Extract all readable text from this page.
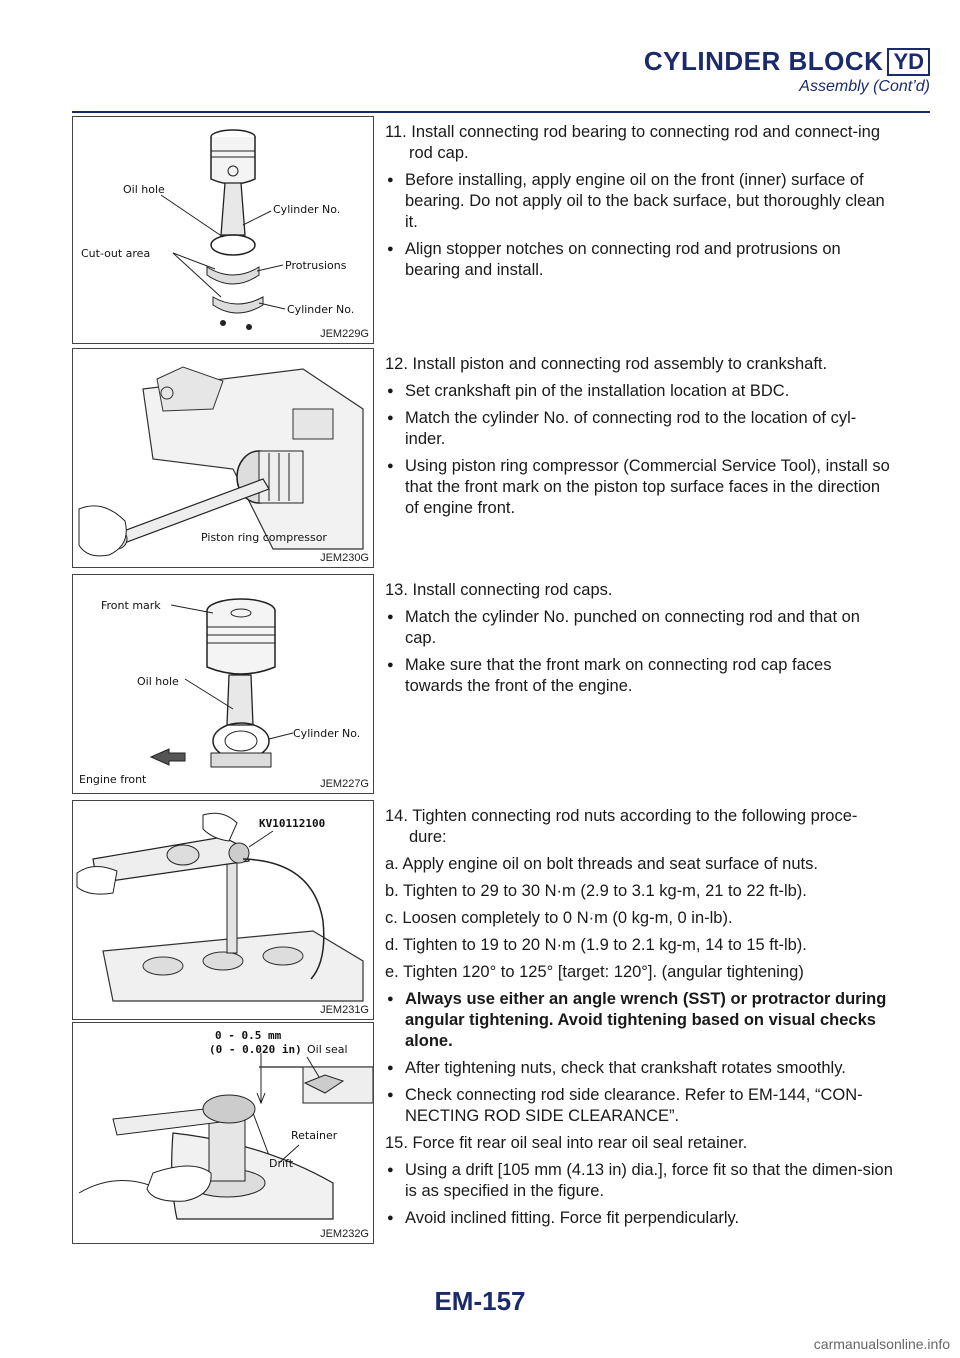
CYLINDER BLOCK YD
Assembly (Cont’d)
Oil hole
Cylinder No.
Cut-out area
Protrusions
Cylinder No.
JEM229G
Piston ring compressor
JEM230G
Front mark
Oil hole
Cylinder No.
Engine front	JEM227G
KV10112100
JEM231G
0 - 0.5 mm
(0 - 0.020 in) Oil seal
Retainer
Drift
JEM232G

11. Install connecting rod bearing to connecting rod and connect-ing rod cap.

● Before installing, apply engine oil on the front (inner) surface of bearing. Do not apply oil to the back surface, but thoroughly clean it.

● Align stopper notches on connecting rod and protrusions on bearing and install.

12. Install piston and connecting rod assembly to crankshaft.

● Set crankshaft pin of the installation location at BDC.

● Match the cylinder No. of connecting rod to the location of cyl-inder.

● Using piston ring compressor (Commercial Service Tool), install so that the front mark on the piston top surface faces in the direction of engine front.

13. Install connecting rod caps.

● Match the cylinder No. punched on connecting rod and that on cap.

● Make sure that the front mark on connecting rod cap faces towards the front of the engine.

14. Tighten connecting rod nuts according to the following proce-dure:

a. Apply engine oil on bolt threads and seat surface of nuts.

b. Tighten to 29 to 30 N·m (2.9 to 3.1 kg-m, 21 to 22 ft-lb).

c. Loosen completely to 0 N·m (0 kg-m, 0 in-lb).

d. Tighten to 19 to 20 N·m (1.9 to 2.1 kg-m, 14 to 15 ft-lb).

e. Tighten 120° to 125° [target: 120°]. (angular tightening)

● Always use either an angle wrench (SST) or protractor during angular tightening. Avoid tightening based on visual checks alone.

● After tightening nuts, check that crankshaft rotates smoothly.

● Check connecting rod side clearance. Refer to EM-144, “CON-NECTING ROD SIDE CLEARANCE”.

15. Force fit rear oil seal into rear oil seal retainer.

● Using a drift [105 mm (4.13 in) dia.], force fit so that the dimen-sion is as specified in the figure.

● Avoid inclined fitting. Force fit perpendicularly.

EM-157
carmanualsonline.info
